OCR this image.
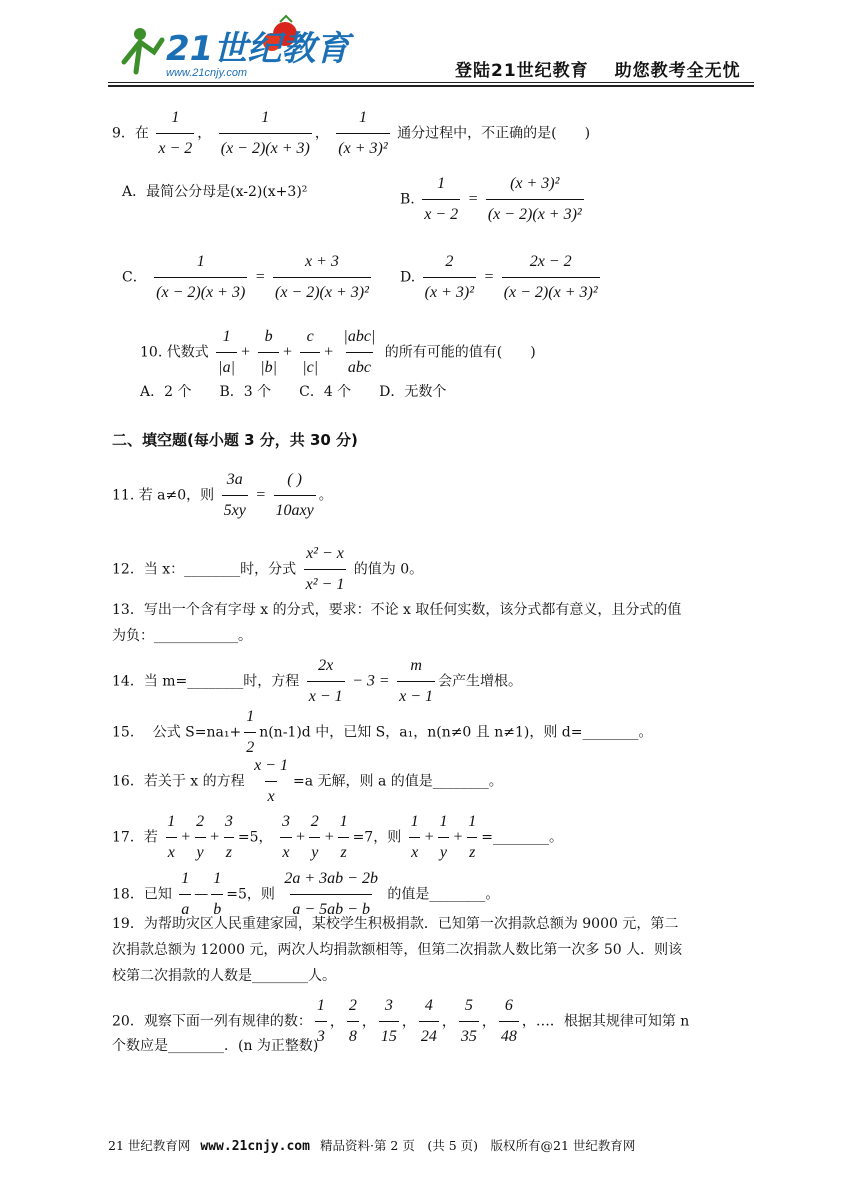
21世纪教育
www.21cnjy.com	登陆21世纪教育 助您教考全无忧
9．在 $\frac{1}{x - 2}$ ， $\frac{1}{(x - 2)(x + 3)}$ ， $\frac{1}{\text{(x + 3)²}}$ 通分过程中，不正确的是(　　)
A．最简公分母是(x-2)(x+3)²	B. $\frac{1}{x - 2} = \frac{\text{(x + 3)²}}{\text{(x − 2)(x + 3)²}}$
C． $\frac{1}{(x - 2)(x + 3)} = \frac{x + 3}{\text{(x − 2)(x + 3)²}} D$. $\frac{2}{\text{(x + 3)²}} = \frac{2x - 2}{\text{(x − 2)(x + 3)²}}$
10. 代数式 $\frac{1}{|a|} + \frac{b}{|b|} + \frac{c}{|c|} + \frac{\text{|abc|}}{\text{abc}}$ 的所有可能的值有(　　)
A．2 个　　B．3 个　　C．4 个　　D．无数个
二、填空题(每小题 3 分，共 30 分)
11. 若 a≠0，则 $\frac{3a}{5xy} = \frac{( )}{\text{10axy}}$ 。
12．当 x：________时，分式 $\frac{\text{x² − x}}{\text{x² − 1}}$ 的值为 0。
13．写出一个含有字母 x 的分式，要求：不论 x 取任何实数，该分式都有意义，且分式的值
为负：____________。
14．当 m=________时，方程 $\frac{2x}{x - 1} - 3 = \frac{m}{x - 1}$ 会产生增根。
15.　 公式 $S=na_1+ \frac{1}{2} n(n-1)d$ 中，已知 S，a₁，n(n≠0 且 n≠1)，则 d=________。
16．若关于 x 的方程 $\frac{x - 1}{x} =a$ 无解，则 a 的值是________。
17．若 $\frac{1}{x} + \frac{2}{y} + \frac{3}{z} =5$， $\frac{3}{x} + \frac{2}{y} + \frac{1}{z} =7$，则 $\frac{1}{x} + \frac{1}{y} + \frac{1}{z}$ =________。
18．已知 $\frac{1}{a}$ — $\frac{1}{b} =5$，则 $\frac{2a + 3ab - 2b}{a - 5ab - b}$ 的值是________。
19．为帮助灾区人民重建家园，某校学生积极捐款．已知第一次捐款总额为 9000 元，第二
次捐款总额为 12000 元，两次人均捐款额相等，但第二次捐款人数比第一次多 50 人．则该
校第二次捐款的人数是________人。
20．观察下面一列有规律的数： $\frac{1}{3}$ ， $\frac{2}{8}$ ， $\frac{3}{15}$ ， $\frac{4}{24}$ ， $\frac{5}{35}$ ， $\frac{6}{48}$ ，…．根据其规律可知第 n
个数应是________．(n 为正整数)
21 世纪教育网 www.21cnjy.com 精品资料·第 2 页　(共 5 页)　版权所有@21 世纪教育网
